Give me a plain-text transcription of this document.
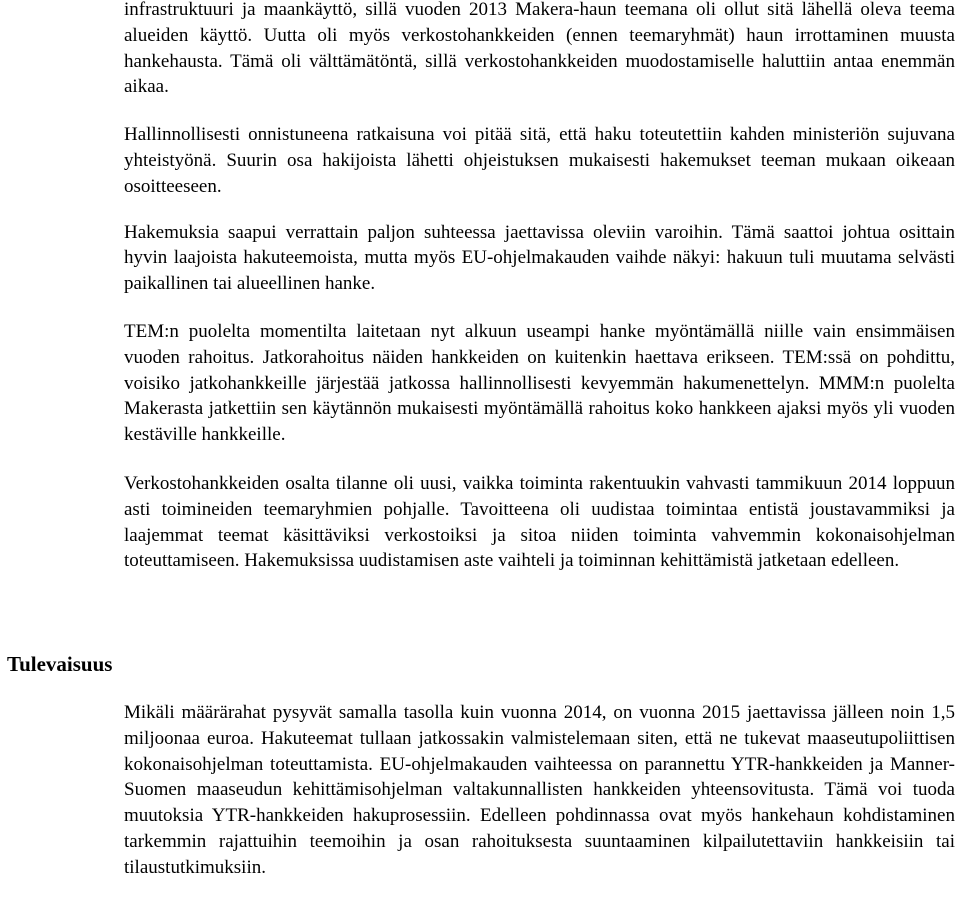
infrastruktuuri ja maankäyttö, sillä vuoden 2013 Makera-haun teemana oli ollut sitä lähellä oleva teema alueiden käyttö. Uutta oli myös verkostohankkeiden (ennen teemaryhmät) haun irrottaminen muusta hankehausta. Tämä oli välttämätöntä, sillä verkostohankkeiden muodostamiselle haluttiin antaa enemmän aikaa.

Hallinnollisesti onnistuneena ratkaisuna voi pitää sitä, että haku toteutettiin kahden ministeriön sujuvana yhteistyönä. Suurin osa hakijoista lähetti ohjeistuksen mukaisesti hakemukset teeman mukaan oikeaan osoitteeseen.

Hakemuksia saapui verrattain paljon suhteessa jaettavissa oleviin varoihin. Tämä saattoi johtua osittain hyvin laajoista hakuteemoista, mutta myös EU-ohjelmakauden vaihde näkyi: hakuun tuli muutama selvästi paikallinen tai alueellinen hanke.

TEM:n puolelta momentilta laitetaan nyt alkuun useampi hanke myöntämällä niille vain ensimmäisen vuoden rahoitus. Jatkorahoitus näiden hankkeiden on kuitenkin haettava erikseen. TEM:ssä on pohdittu, voisiko jatkohankkeille järjestää jatkossa hallinnollisesti kevyemmän hakumenettelyn. MMM:n puolelta Makerasta jatkettiin sen käytännön mukaisesti myöntämällä rahoitus koko hankkeen ajaksi myös yli vuoden kestäville hankkeille.

Verkostohankkeiden osalta tilanne oli uusi, vaikka toiminta rakentuukin vahvasti tammikuun 2014 loppuun asti toimineiden teemaryhmien pohjalle. Tavoitteena oli uudistaa toimintaa entistä joustavammiksi ja laajemmat teemat käsittäviksi verkostoiksi ja sitoa niiden toiminta vahvemmin kokonaisohjelman toteuttamiseen. Hakemuksissa uudistamisen aste vaihteli ja toiminnan kehittämistä jatketaan edelleen.

Tulevaisuus

Mikäli määrärahat pysyvät samalla tasolla kuin vuonna 2014, on vuonna 2015 jaettavissa jälleen noin 1,5 miljoonaa euroa. Hakuteemat tullaan jatkossakin valmistelemaan siten, että ne tukevat maaseutupoliittisen kokonaisohjelman toteuttamista. EU-ohjelmakauden vaihteessa on parannettu YTR-hankkeiden ja Manner-Suomen maaseudun kehittämisohjelman valtakunnallisten hankkeiden yhteensovitusta. Tämä voi tuoda muutoksia YTR-hankkeiden hakuprosessiin. Edelleen pohdinnassa ovat myös hankehaun kohdistaminen tarkemmin rajattuihin teemoihin ja osan rahoituksesta suuntaaminen kilpailutettaviin hankkeisiin tai tilaustutkimuksiin.
